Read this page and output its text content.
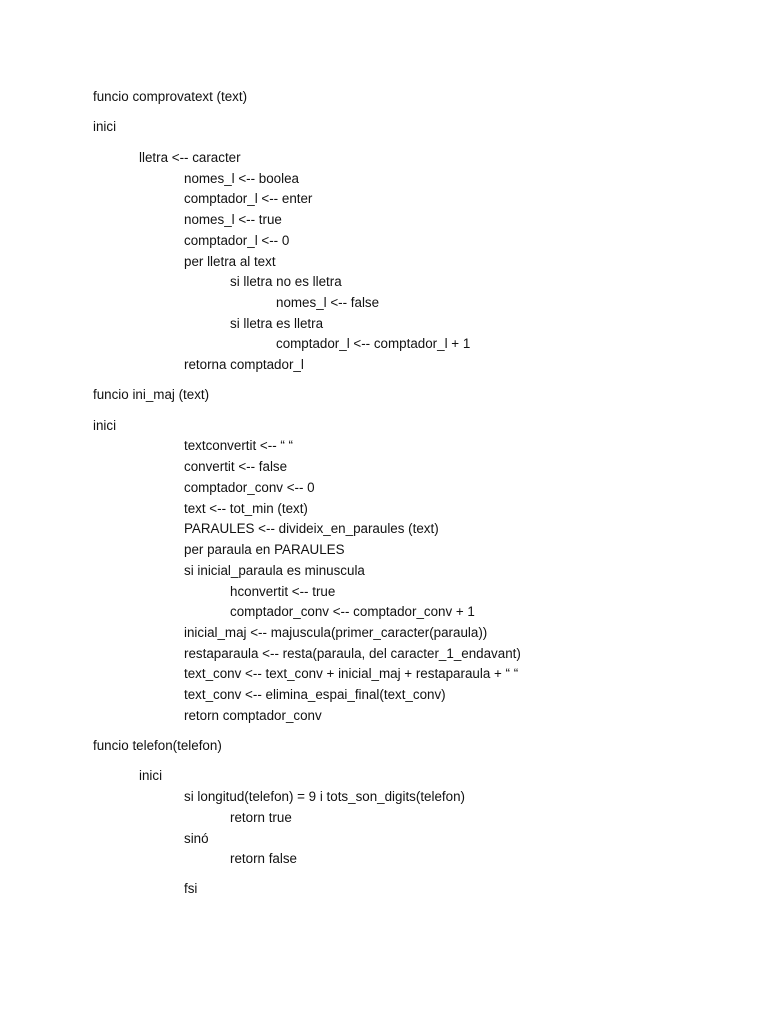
funcio comprovatext (text)
inici
lletra <-- caracter
nomes_l <-- boolea
comptador_l <-- enter
nomes_l <-- true
comptador_l <-- 0
per lletra al text
si lletra no es lletra
nomes_l <-- false
si lletra es lletra
comptador_l <-- comptador_l + 1
retorna comptador_l
funcio ini_maj (text)
inici
textconvertit <-- “ “
convertit <-- false
comptador_conv <-- 0
text <-- tot_min (text)
PARAULES <-- divideix_en_paraules (text)
per paraula en PARAULES
si inicial_paraula es minuscula
hconvertit <-- true
comptador_conv <-- comptador_conv + 1
inicial_maj <-- majuscula(primer_caracter(paraula))
restaparaula <-- resta(paraula, del caracter_1_endavant)
text_conv <-- text_conv + inicial_maj + restaparaula + “ “
text_conv <-- elimina_espai_final(text_conv)
retorn comptador_conv
funcio telefon(telefon)
inici
si longitud(telefon) = 9 i tots_son_digits(telefon)
retorn true
sinó
retorn false
fsi
